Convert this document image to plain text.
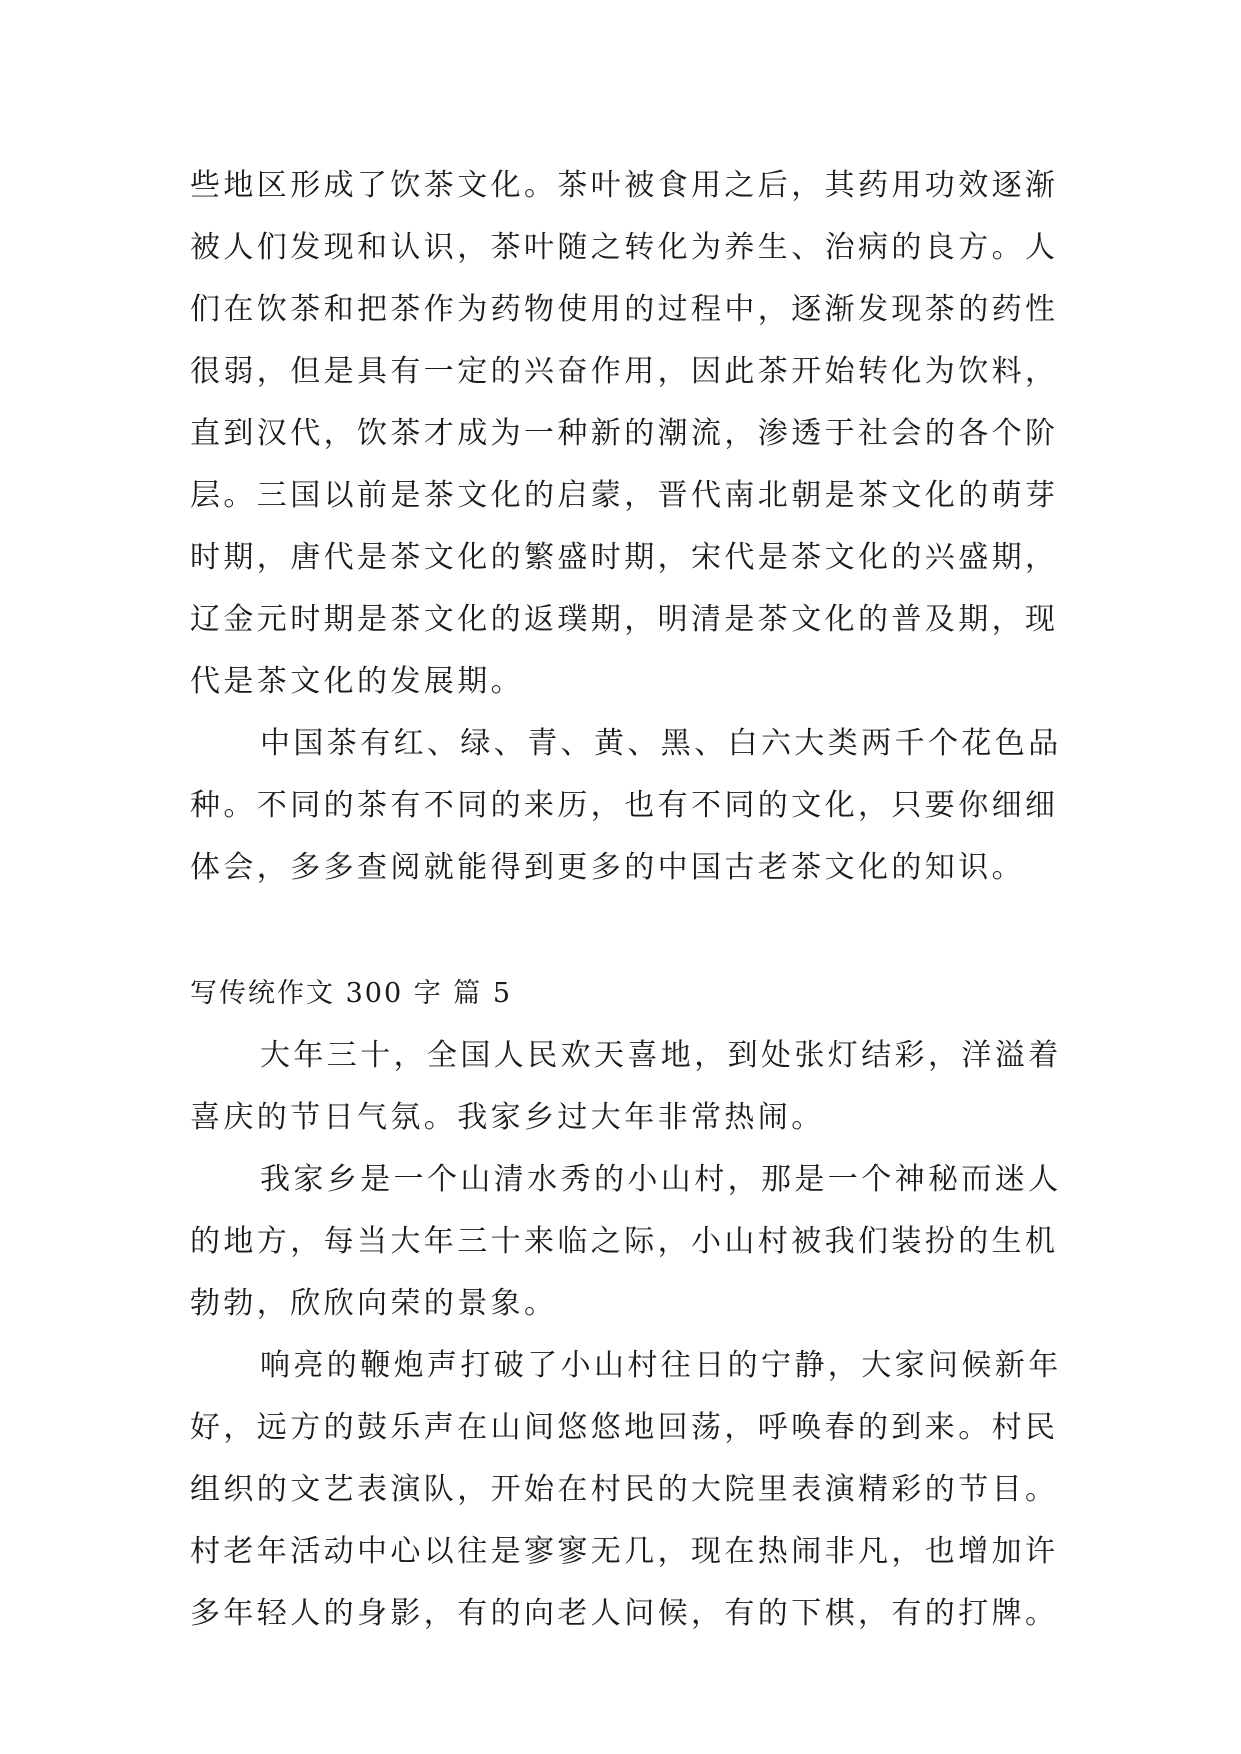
些地区形成了饮茶文化。茶叶被食用之后，其药用功效逐渐

被人们发现和认识，茶叶随之转化为养生、治病的良方。人

们在饮茶和把茶作为药物使用的过程中，逐渐发现茶的药性

很弱，但是具有一定的兴奋作用，因此茶开始转化为饮料，

直到汉代，饮茶才成为一种新的潮流，渗透于社会的各个阶

层。三国以前是茶文化的启蒙，晋代南北朝是茶文化的萌芽

时期，唐代是茶文化的繁盛时期，宋代是茶文化的兴盛期，

辽金元时期是茶文化的返璞期，明清是茶文化的普及期，现

代是茶文化的发展期。

中国茶有红、绿、青、黄、黑、白六大类两千个花色品

种。不同的茶有不同的来历，也有不同的文化，只要你细细

体会，多多查阅就能得到更多的中国古老茶文化的知识。

写传统作文 300 字 篇 5

大年三十，全国人民欢天喜地，到处张灯结彩，洋溢着

喜庆的节日气氛。我家乡过大年非常热闹。

我家乡是一个山清水秀的小山村，那是一个神秘而迷人

的地方，每当大年三十来临之际，小山村被我们装扮的生机

勃勃，欣欣向荣的景象。

响亮的鞭炮声打破了小山村往日的宁静，大家问候新年

好，远方的鼓乐声在山间悠悠地回荡，呼唤春的到来。村民

组织的文艺表演队，开始在村民的大院里表演精彩的节目。

村老年活动中心以往是寥寥无几，现在热闹非凡，也增加许

多年轻人的身影，有的向老人问候，有的下棋，有的打牌。
